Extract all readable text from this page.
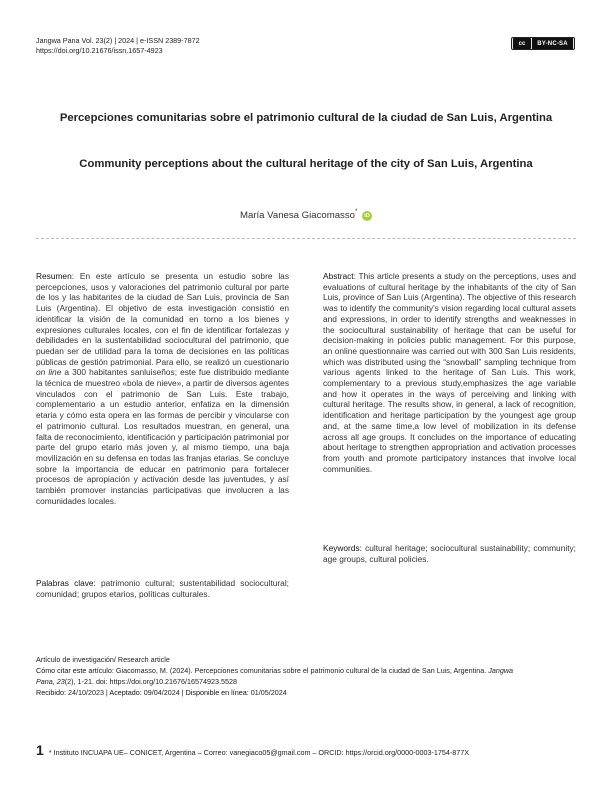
Jangwa Pana Vol. 23(2) | 2024 | e-ISSN 2389-7872
https://doi.org/10.21676/issn.1657-4923
cc	BY-NC-SA
Percepciones comunitarias sobre el patrimonio cultural de la ciudad de San Luis, Argentina
Community perceptions about the cultural heritage of the city of San Luis, Argentina
María Vanesa Giacomasso* iD

Resumen: En este artículo se presenta un estudio sobre las percepciones, usos y valoraciones del patrimonio cultural por parte de los y las habitantes de la ciudad de San Luis, provincia de San Luis (Argentina). El objetivo de esta investigación consistió en identificar la visión de la comunidad en torno a los bienes y expresiones culturales locales, con el fin de identificar fortalezas y debilidades en la sustentabilidad sociocultural del patrimonio, que puedan ser de utilidad para la toma de decisiones en las políticas públicas de gestión patrimonial. Para ello, se realizó un cuestionario on line a 300 habitantes sanluiseños; este fue distribuido mediante la técnica de muestreo «bola de nieve», a partir de diversos agentes vinculados con el patrimonio de San Luis. Este trabajo, complementario a un estudio anterior, enfatiza en la dimensión etaria y cómo esta opera en las formas de percibir y vincularse con el patrimonio cultural. Los resultados muestran, en general, una falta de reconocimiento, identificación y participación patrimonial por parte del grupo etario más joven y, al mismo tiempo, una baja movilización en su defensa en todas las franjas etarias. Se concluye sobre la importancia de educar en patrimonio para fortalecer procesos de apropiación y activación desde las juventudes, y así también promover instancias participativas que involucren a las comunidades locales.

Palabras clave: patrimonio cultural; sustentabilidad sociocultural; comunidad; grupos etarios, políticas culturales.

Abstract: This article presents a study on the perceptions, uses and evaluations of cultural heritage by the inhabitants of the city of San Luis, province of San Luis (Argentina). The objective of this research was to identify the community's vision regarding local cultural assets and expressions, in order to identify strengths and weaknesses in the sociocultural sustainability of heritage that can be useful for decision-making in policies public management. For this purpose, an online questionnaire was carried out with 300 San Luis residents, which was distributed using the “snowball” sampling technique from various agents linked to the heritage of San Luis. This work, complementary to a previous study,emphasizes the age variable and how it operates in the ways of perceiving and linking with cultural heritage. The results show, in general, a lack of recognition, identification and heritage participation by the youngest age group and, at the same time,a low level of mobilization in its defense across all age groups. It concludes on the importance of educating about heritage to strengthen appropriation and activation processes from youth and promote participatory instances that involve local communities.

Keywords: cultural heritage; sociocultural sustainability; community; age groups, cultural policies.

Artículo de investigación/ Research article
Cómo citar este artículo: Giacomasso, M. (2024). Percepciones comunitarias sobre el patrimonio cultural de la ciudad de San Luis, Argentina. Jangwa
Pana, 23(2), 1-21. doi: https://doi.org/10.21676/16574923.5528
Recibido: 24/10/2023 | Aceptado: 09/04/2024 | Disponible en línea: 01/05/2024
1 * Instituto INCUAPA UE– CONICET, Argentina – Correo: vanegiaco05@gmail.com – ORCID: https://orcid.org/0000-0003-1754-877X
